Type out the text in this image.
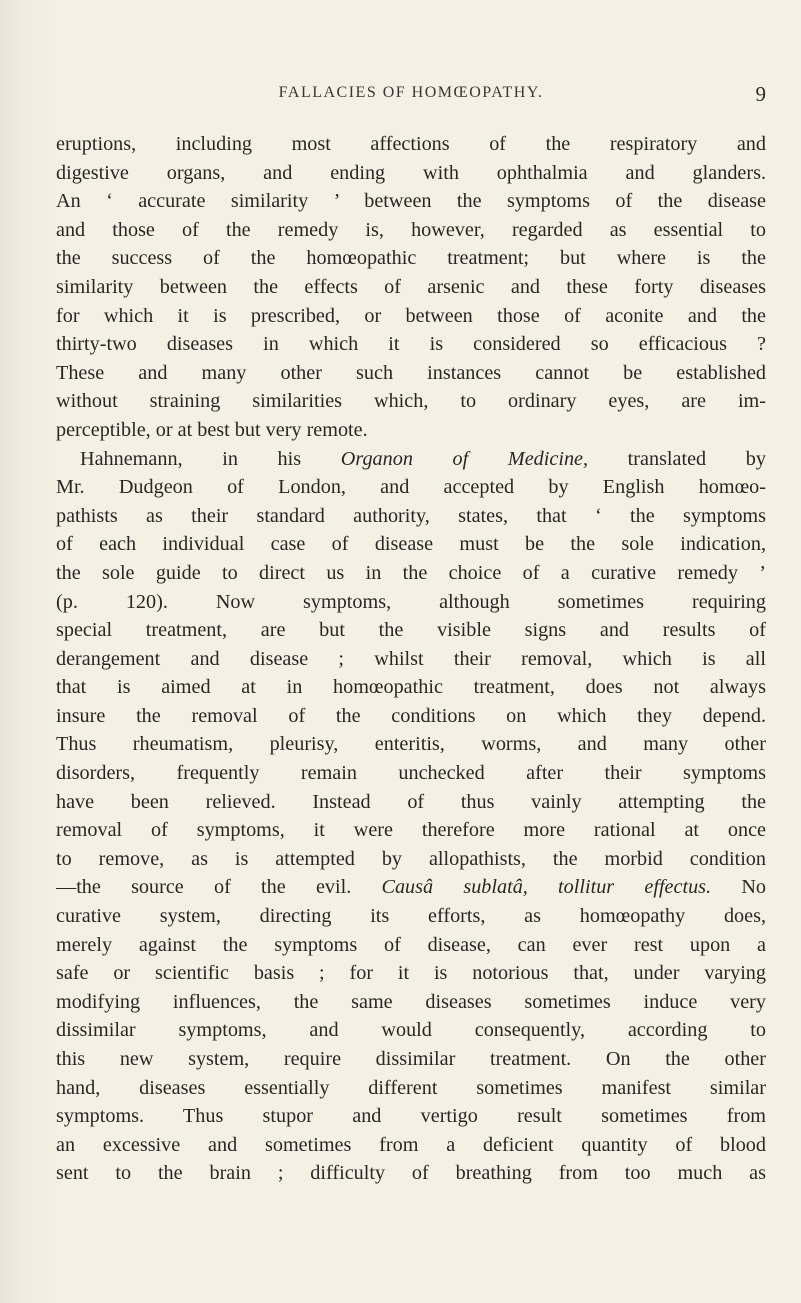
FALLACIES OF HOMŒOPATHY.	9
eruptions, including most affections of the respiratory and
digestive organs, and ending with ophthalmia and glanders.
An ‘ accurate similarity ’ between the symptoms of the disease
and those of the remedy is, however, regarded as essential to
the success of the homœopathic treatment; but where is the
similarity between the effects of arsenic and these forty diseases
for which it is prescribed, or between those of aconite and the
thirty-two diseases in which it is considered so efficacious ?
These and many other such instances cannot be established
without straining similarities which, to ordinary eyes, are im-
perceptible, or at best but very remote.
Hahnemann, in his Organon of Medicine, translated by
Mr. Dudgeon of London, and accepted by English homœo-
pathists as their standard authority, states, that ‘ the symptoms
of each individual case of disease must be the sole indication,
the sole guide to direct us in the choice of a curative remedy ’
(p. 120). Now symptoms, although sometimes requiring
special treatment, are but the visible signs and results of
derangement and disease ; whilst their removal, which is all
that is aimed at in homœopathic treatment, does not always
insure the removal of the conditions on which they depend.
Thus rheumatism, pleurisy, enteritis, worms, and many other
disorders, frequently remain unchecked after their symptoms
have been relieved. Instead of thus vainly attempting the
removal of symptoms, it were therefore more rational at once
to remove, as is attempted by allopathists, the morbid condition
—the source of the evil. Causâ sublatâ, tollitur effectus. No
curative system, directing its efforts, as homœopathy does,
merely against the symptoms of disease, can ever rest upon a
safe or scientific basis ; for it is notorious that, under varying
modifying influences, the same diseases sometimes induce very
dissimilar symptoms, and would consequently, according to
this new system, require dissimilar treatment. On the other
hand, diseases essentially different sometimes manifest similar
symptoms. Thus stupor and vertigo result sometimes from
an excessive and sometimes from a deficient quantity of blood
sent to the brain ; difficulty of breathing from too much as
